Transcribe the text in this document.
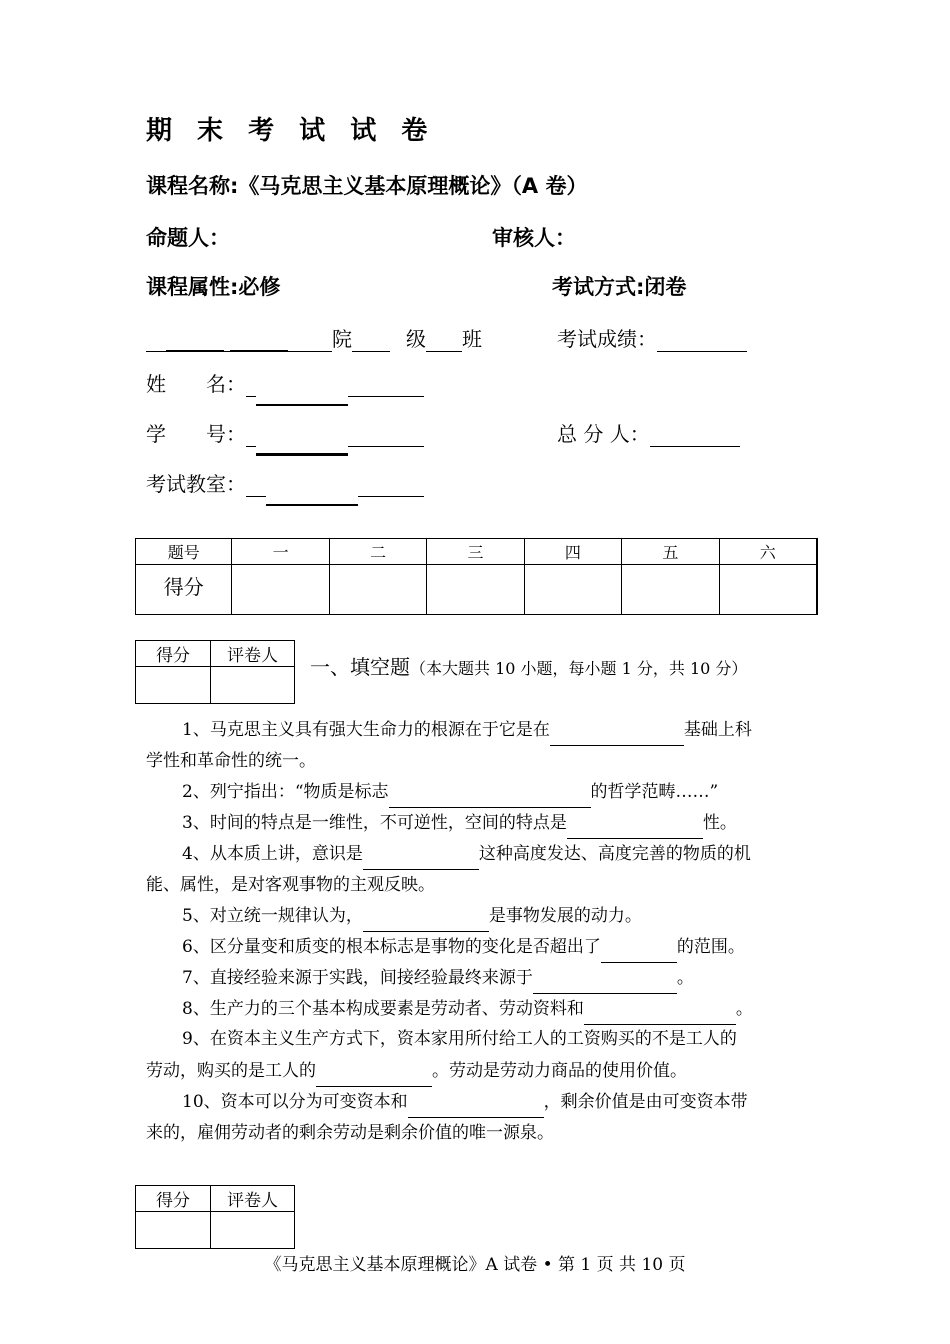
期 末 考 试 试 卷
课程名称:《马克思主义基本原理概论》（A 卷）
命题人：	审核人：
课程属性:必修	考试方式:闭卷
院	级 班	考试成绩：
姓　　名：
学　　号：	总 分 人：
考试教室：
题号	一	二	三	四	五	六
得分						
得分	评卷人
	一、填空题（本大题共 10 小题，每小题 1 分，共 10 分）
1、马克思主义具有强大生命力的根源在于它是在	基础上科
学性和革命性的统一。
2、列宁指出：“物质是标志	的哲学范畴……”
3、时间的特点是一维性，不可逆性，空间的特点是	性。
4、从本质上讲，意识是	这种高度发达、高度完善的物质的机
能、属性，是对客观事物的主观反映。
5、对立统一规律认为，	是事物发展的动力。
6、区分量变和质变的根本标志是事物的变化是否超出了	的范围。
7、直接经验来源于实践，间接经验最终来源于	。
8、生产力的三个基本构成要素是劳动者、劳动资料和	。
9、在资本主义生产方式下，资本家用所付给工人的工资购买的不是工人的
劳动，购买的是工人的	。劳动是劳动力商品的使用价值。
10、资本可以分为可变资本和	，剩余价值是由可变资本带
来的，雇佣劳动者的剩余劳动是剩余价值的唯一源泉。
得分	评卷人

《马克思主义基本原理概论》A 试卷 • 第 1 页 共 10 页
